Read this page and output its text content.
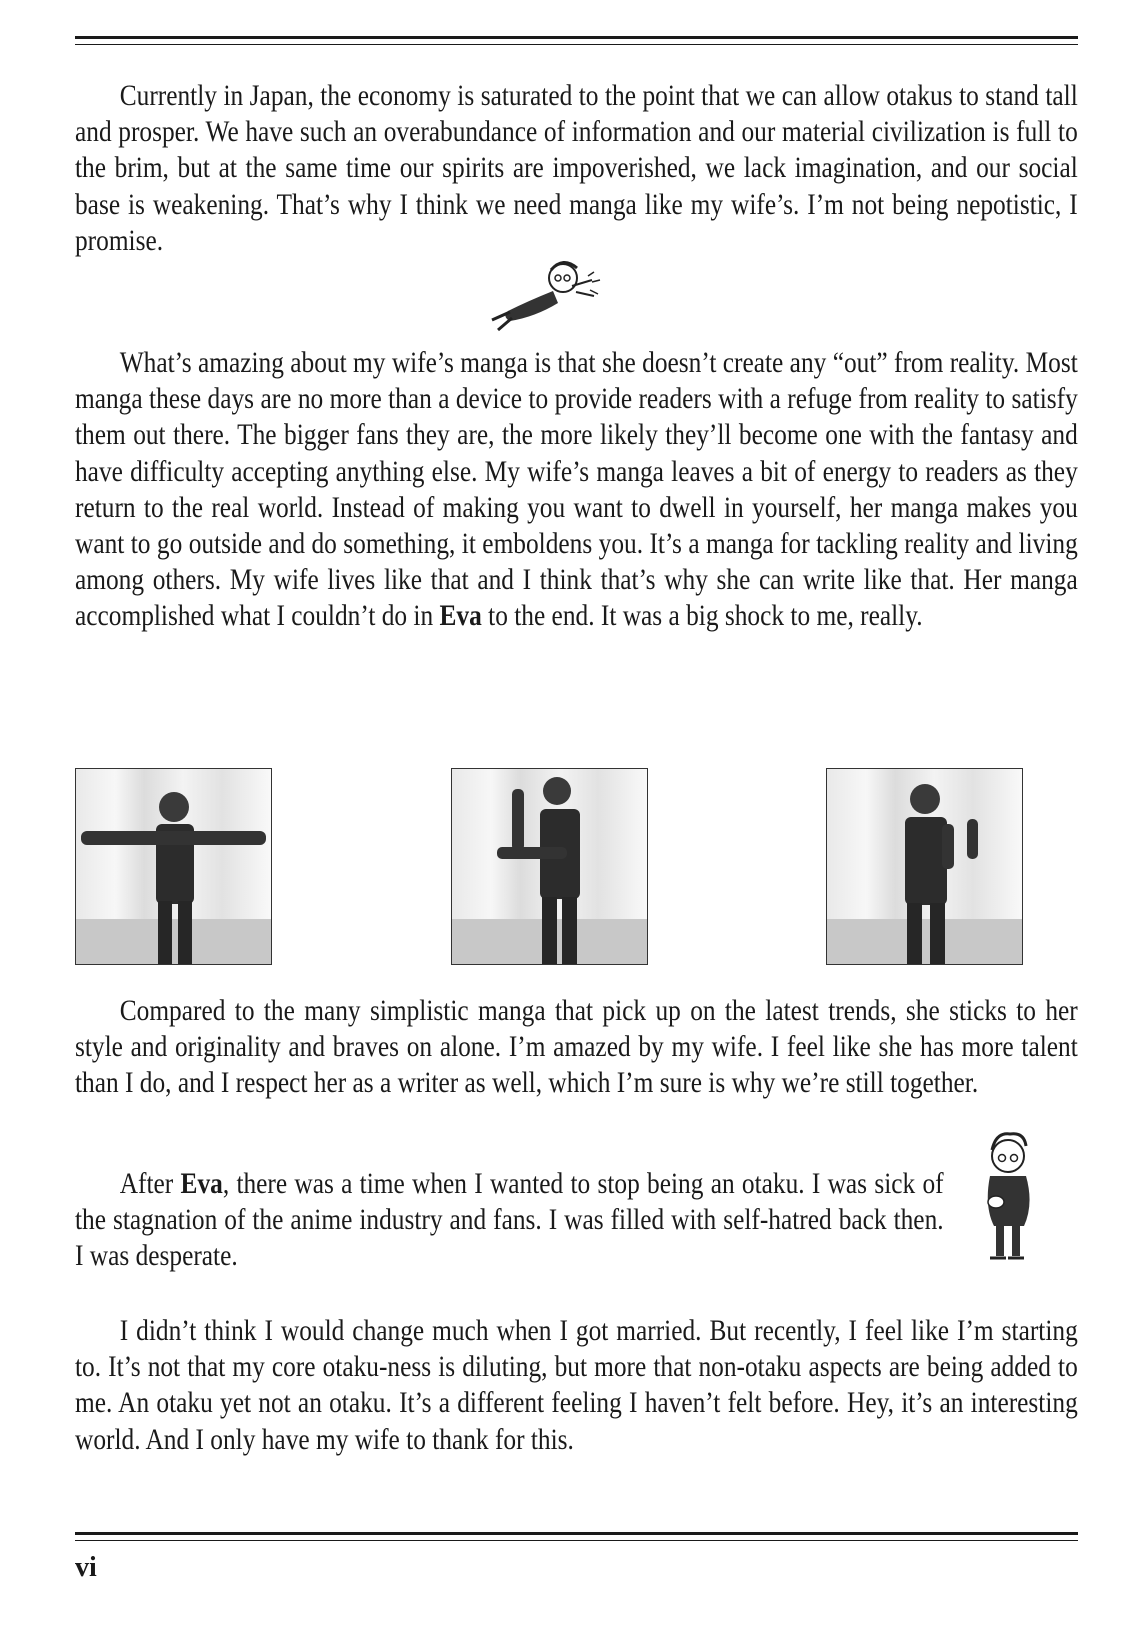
Currently in Japan, the economy is saturated to the point that we can allow otakus to stand tall and prosper. We have such an overabundance of information and our material civilization is full to the brim, but at the same time our spirits are impoverished, we lack imagination, and our social base is weakening. That’s why I think we need manga like my wife’s. I’m not being nepotistic, I promise.

What’s amazing about my wife’s manga is that she doesn’t create any “out” from reality. Most manga these days are no more than a device to provide readers with a refuge from reality to satisfy them out there. The bigger fans they are, the more likely they’ll become one with the fantasy and have difficulty accepting anything else. My wife’s manga leaves a bit of energy to readers as they return to the real world. Instead of making you want to dwell in yourself, her manga makes you want to go outside and do something, it emboldens you. It’s a manga for tackling reality and living among others. My wife lives like that and I think that’s why she can write like that. Her manga accomplished what I couldn’t do in Eva to the end. It was a big shock to me, really.

Compared to the many simplistic manga that pick up on the latest trends, she sticks to her style and originality and braves on alone. I’m amazed by my wife. I feel like she has more talent than I do, and I respect her as a writer as well, which I’m sure is why we’re still together.

After Eva, there was a time when I wanted to stop being an otaku. I was sick of the stagnation of the anime industry and fans. I was filled with self-hatred back then. I was desperate.

I didn’t think I would change much when I got married. But recently, I feel like I’m starting to. It’s not that my core otaku-ness is diluting, but more that non-otaku aspects are being added to me. An otaku yet not an otaku. It’s a different feeling I haven’t felt before. Hey, it’s an interesting world. And I only have my wife to thank for this.

vi
